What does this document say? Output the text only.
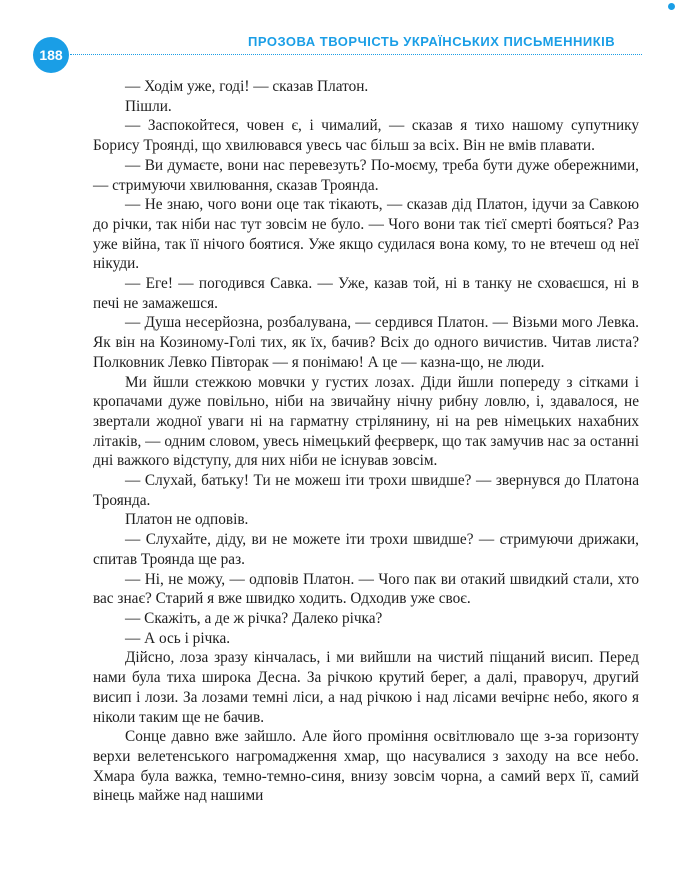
188
ПРОЗОВА ТВОРЧІСТЬ УКРАЇНСЬКИХ ПИСЬМЕННИКІВ

— Ходім уже, годі! — сказав Платон.

Пішли.

— Заспокойтеся, човен є, і чималий, — сказав я тихо нашому супутнику Борису Троянді, що хвилювався увесь час більш за всіх. Він не вмів плавати.

— Ви думаєте, вони нас перевезуть? По-моєму, треба бути дуже обережними, — стримуючи хвилювання, сказав Троянда.

— Не знаю, чого вони оце так тікають, — сказав дід Платон, ідучи за Савкою до річки, так ніби нас тут зовсім не було. — Чого вони так тієї смерті бояться? Раз уже війна, так її нічого боятися. Уже якщо судилася вона кому, то не втечеш од неї нікуди.

— Еге! — погодився Савка. — Уже, казав той, ні в танку не сховаєшся, ні в печі не замажешся.

— Душа несерйозна, розбалувана, — сердився Платон. — Візьми мого Левка. Як він на Козиному-Голі тих, як їх, бачив? Всіх до одного вичистив. Читав листа? Полковник Левко Півторак — я понімаю! А це — казна-що, не люди.

Ми йшли стежкою мовчки у густих лозах. Діди йшли попереду з сітками і кропачами дуже повільно, ніби на звичайну нічну рибну ловлю, і, здавалося, не звертали жодної уваги ні на гарматну стрілянину, ні на рев німецьких нахабних літаків, — одним словом, увесь німецький феєрверк, що так замучив нас за останні дні важкого відступу, для них ніби не існував зовсім.

— Слухай, батьку! Ти не можеш іти трохи швидше? — звернувся до Платона Троянда.

Платон не одповів.

— Слухайте, діду, ви не можете іти трохи швидше? — стримуючи дрижаки, спитав Троянда ще раз.

— Ні, не можу, — одповів Платон. — Чого пак ви отакий швидкий стали, хто вас знає? Старий я вже швидко ходить. Одходив уже своє.

— Скажіть, а де ж річка? Далеко річка?

— А ось і річка.

Дійсно, лоза зразу кінчалась, і ми вийшли на чистий піщаний висип. Перед нами була тиха широка Десна. За річкою крутий берег, а далі, праворуч, другий висип і лози. За лозами темні ліси, а над річкою і над лісами вечірнє небо, якого я ніколи таким ще не бачив.

Сонце давно вже зайшло. Але його проміння освітлювало ще з-за горизонту верхи велетенського нагромадження хмар, що насувалися з заходу на все небо. Хмара була важка, темно-темно-синя, внизу зовсім чорна, а самий верх її, самий вінець майже над нашими
